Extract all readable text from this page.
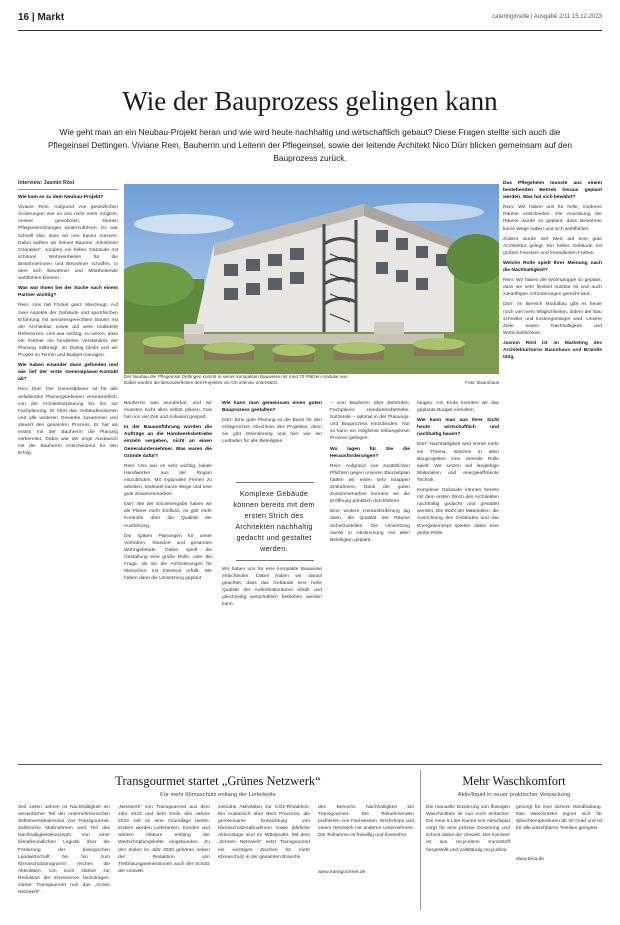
16 | Markt	cateringinside | Ausgabe 2/11 15.12.2023
Wie der Bauprozess gelingen kann
Wie geht man an ein Neubau-Projekt heran und wie wird heute nachhaltig und wirtschaftlich gebaut? Diese Fragen stellte sich auch die Pflegeinsel Dettingen. Viviane Rein, Bauherrin und Leiterin der Pflegeinsel, sowie der leitende Architekt Nico Dürr blicken gemeinsam auf den Bauprozess zurück.
Interview: Jasmin Rösl

Wie kam es zu dem Neubau-Projekt?

Viviane Rein: Aufgrund von gesetzlichen Änderungen war es uns nicht mehr möglich, unsere gewohnten, kleinen Pflegeeinrichtungen weiterzuführen. Es war schnell klar, dass wir neu bauen müssen. Dabei wollten wir keinen Baumer „Kleinheim Charakter“, sondern ein helles Gebäude mit schönen Wohneinheiten für die Bewohnerinnen und Bewohner schaffen, in dem sich Bewohner und Mitarbeitende wohlfühlen können.

Was war Ihnen bei der Suche nach einem Partner wichtig?

Rein: Uns hat Föckel ganz überzeugt. Auf zwei Aspekte der Gebäude und spezifischen Erfahrung mit seniorengerechtem Bauen mit der Architektur sowie auf viele realisierte Referenzen. Uns war wichtig, zu sehen, dass ein Partner ein fundiertes Verständnis der Planung mitbringt, im Dialog bleibt und wir Projekt zu Termin und Budget managen.

Wie haben einander dann gefunden und wie lief der erste Generalplaner-Kontakt ab?

Nico Dürr: Der Generalplaner ist für alle anfallenden Planungsarbeiten verantwortlich, von der Architekturplanung bis hin zur Fachplanung. Er führt das Gebäudevolumen und alle weiteren Gewerke zusammen und steuert den gesamten Prozess. Er hat als erstes mit der Bauherrin die Planung vorbereitet. Dabei war der enge Austausch mit der Bauherrin entscheidend für den Erfolg.

Der Neubau der Pflegeinsel Dettingen kommt in seiner kompakten Bauweise mit rund 70 Plätzen modular aus.
Dabei wurden die Besonderheiten des Projektes vor Ort intensiv unterstützt.	Foto: Baumhaus

Das Pflegeheim musste aus einem bestehenden Betrieb heraus geplant werden. Was hat sich bewährt?

Rein: Wir haben uns für helle, moderne Räume entschieden. Die Anordnung der Räume wurde so geplant, dass Bewohner kurze Wege haben und sich wohlfühlen.

Zudem wurde viel Wert auf eine gute Architektur gelegt. Ein helles Gebäude mit großen Fenstern und freundlichen Farben.

Welche Rolle spielt Ihrer Meinung nach die Nachhaltigkeit?

Rein: Wir haben die Wohngruppe so geplant, dass sie sehr flexibel nutzbar ist und auch zukünftigen Anforderungen gerecht wird.

Dürr: Im Bereich Modulbau gibt es heute noch viel mehr Möglichkeiten, indem der Bau schneller und kostengünstiger wird. Unsere Ziele waren Nachhaltigkeit und Wirtschaftlichkeit.

Jasmin Rösl ist im Marketing des Architekturbüros Baumhaus und Brändle tätig.

Bauherrin was wunderbar, und wir mussten nicht alles selbst planen. Das hat uns viel Zeit und Aufwand gespart.

In der Bauausführung wurden die Aufträge an die Handwerksbetriebe einzeln vergeben, nicht an einen Generalunternehmer. Was waren die Gründe dafür?

Rein: Uns war es sehr wichtig, lokale Handwerker aus der Region einzubinden. Mit regionalen Firmen zu arbeiten, bedeutet kurze Wege und eine gute Zusammenarbeit.

Dürr: Bei der Einzelvergabe haben wir als Planer mehr Einfluss, es gibt mehr Kontrolle über die Qualität der Ausführung.

Die späten Planungen für unser Vorhaben, Standort und gesamtes Wohngebäude. Dabei spielt die Gestaltung eine große Rolle, oder die Frage, ob sie die Anforderungen für Menschen mit Demenz erfüllt. Wir haben dann die Umsetzung geplant.

Wie kann man gemeinsam einen guten Bauprozess gestalten?

Dürr: Eine gute Planung ist die Basis für den erfolgreichen Abschluss des Projektes, denn sie gibt Orientierung und hier wie ein Leitfaden für alle Beteiligten.

Komplexe Gebäude können bereits mit dem ersten Strich des Architekten nachhaltig gedacht und gestaltet werden.

Wir haben uns für eine kompakte Bauweise entschieden. Dabei haben wir darauf geachtet, dass das Gebäude eine hohe Qualität der Aufenthaltsräume erhält und gleichzeitig wirtschaftlich betrieben werden kann.

– vom Bauherrn über Behörden, Fachplaner, Handwerksbetriebe, Nutzende – optimal in der Planungs- und Bauprozess einzubinden. Nur so kann ein möglichst reibungsloser Prozess gelingen.

Wo lagen für Sie die Herausforderungen?

Rein: Aufgrund von zusätzlichen Pflichten gegen unseren Bauzeitplan hatten wir einen sehr knappen Zeitrahmen. Dank der guten Zusammenarbeit konnten wir die Eröffnung pünktlich durchführen.

Eine weitere Herausforderung lag darin, die Qualität der Räume sicherzustellen. Die Umsetzung wurde in Abstimmung mit allen Beteiligten geplant.

fangen. Am Ende konnten wir das geplante Budget einhalten.

Wie kann man aus Ihrer Sicht heute wirtschaftlich und nachhaltig bauen?

Dürr: Nachhaltigkeit wird immer mehr ein Thema, welches in allen Bauprojekten eine zentrale Rolle spielt. Wir setzen auf langlebige Materialien und energieeffiziente Technik.

Komplexe Gebäude können bereits mit dem ersten Strich des Architekten nachhaltig gedacht und gestaltet werden. Die Wahl der Materialien, die Ausrichtung des Gebäudes und das Energiekonzept spielen dabei eine große Rolle.

Transgourmet startet „Grünes Netzwerk“
Für mehr Klimaschutz entlang der Lieferkette

Seit vielen Jahren ist Nachhaltigkeit ein wesentlicher Teil der unternehmerischen Selbstverständnisses von Transgourmet. Zahlreiche Maßnahmen sind Teil des Nachhaltigkeitskonzepts: Von einer klimafreundlichen Logistik über die Förderung der biologischen Landwirtschaft bis hin zum Klimaschutzprogramm reichen die Aktivitäten. Um noch stärker zur Reduktion der Emissionen beizutragen, startet Transgourmet nun das „Grüne Netzwerk“.

„Netzwerk“ von Transgourmet aus dem Jahr 2022 und dem Ende des Jahres 2023 soll es eine Grundlage bieten. Zudem werden Lieferanten, Kunden und weitere Akteure entlang der Wertschöpfungskette eingebunden. Zu den Zielen im Jahr 2030 gehören neben der Reduktion von Treibhausgasemissionen auch der Schutz der Umwelt.

zeitnahe Aktivitäten zur CO2-Reduktion. Ein Austausch über Best Practices, die gemeinsame Entwicklung von Klimaschutzmaßnahmen sowie jährliche Aktionstage sind im Mittelpunkt. Mit dem „Grünen Netzwerk“ setzt Transgourmet ein wichtiges Zeichen für mehr Klimaschutz in der gesamten Branche.

des Bereichs Nachhaltigkeit bei Transgourmet. Die Teilnehmenden profitieren von Fachwissen, Workshops und einem Netzwerk mit anderen Unternehmen. Die Teilnahme ist freiwillig und kostenfrei.

www.transgourmet.de

Mehr Waschkomfort
Aktiv/liquid in neuer praktischer Verpackung

Die manuelle Dosierung von flüssigen Waschmitteln ist nun noch einfacher: Die neue 5 Liter Kanne von Aktiv/liquid sorgt für eine präzise Dosierung und schont dabei die Umwelt. Der Kanister ist aus recyceltem Kunststoff hergestellt und vollständig recycelbar.

gesorgt für eine sichere Handhabung. Das Waschmittel eignet sich für Waschtemperaturen ab 30 Grad und ist für alle waschbaren Textilien geeignet.

www.tana.de
